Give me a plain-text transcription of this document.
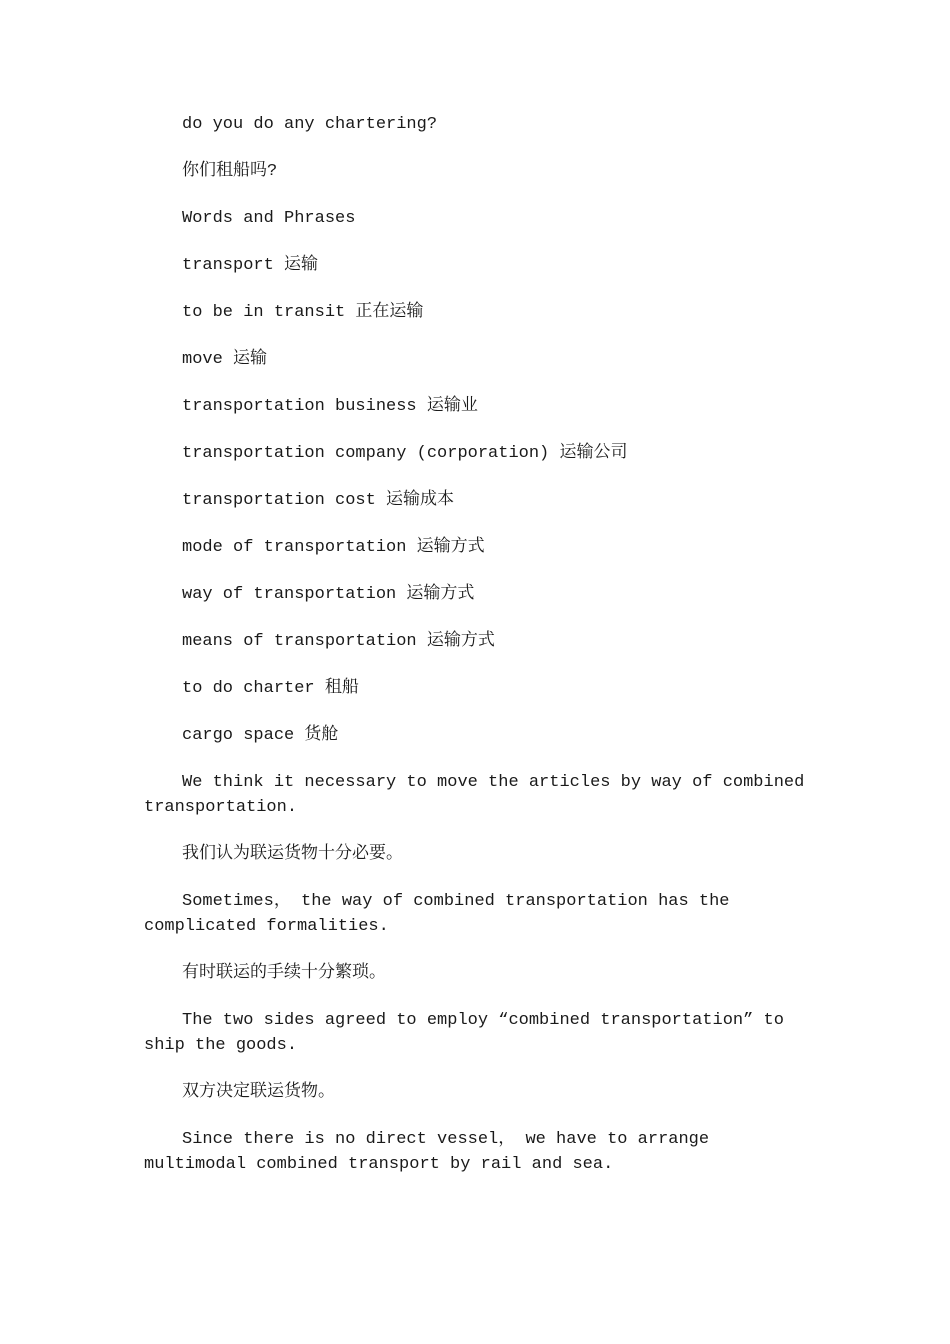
do you do any chartering?

你们租船吗?

Words and Phrases

transport 运输

to be in transit 正在运输

move 运输

transportation business 运输业

transportation company (corporation) 运输公司

transportation cost 运输成本

mode of transportation 运输方式

way of transportation 运输方式

means of transportation 运输方式

to do charter 租船

cargo space 货舱

We think it necessary to move the articles by way of combined transportation.

我们认为联运货物十分必要。

Sometimes， the way of combined transportation has the complicated formalities.

有时联运的手续十分繁琐。

The two sides agreed to employ “combined transportation” to ship the goods.

双方决定联运货物。

Since there is no direct vessel， we have to arrange multimodal combined transport by rail and sea.
